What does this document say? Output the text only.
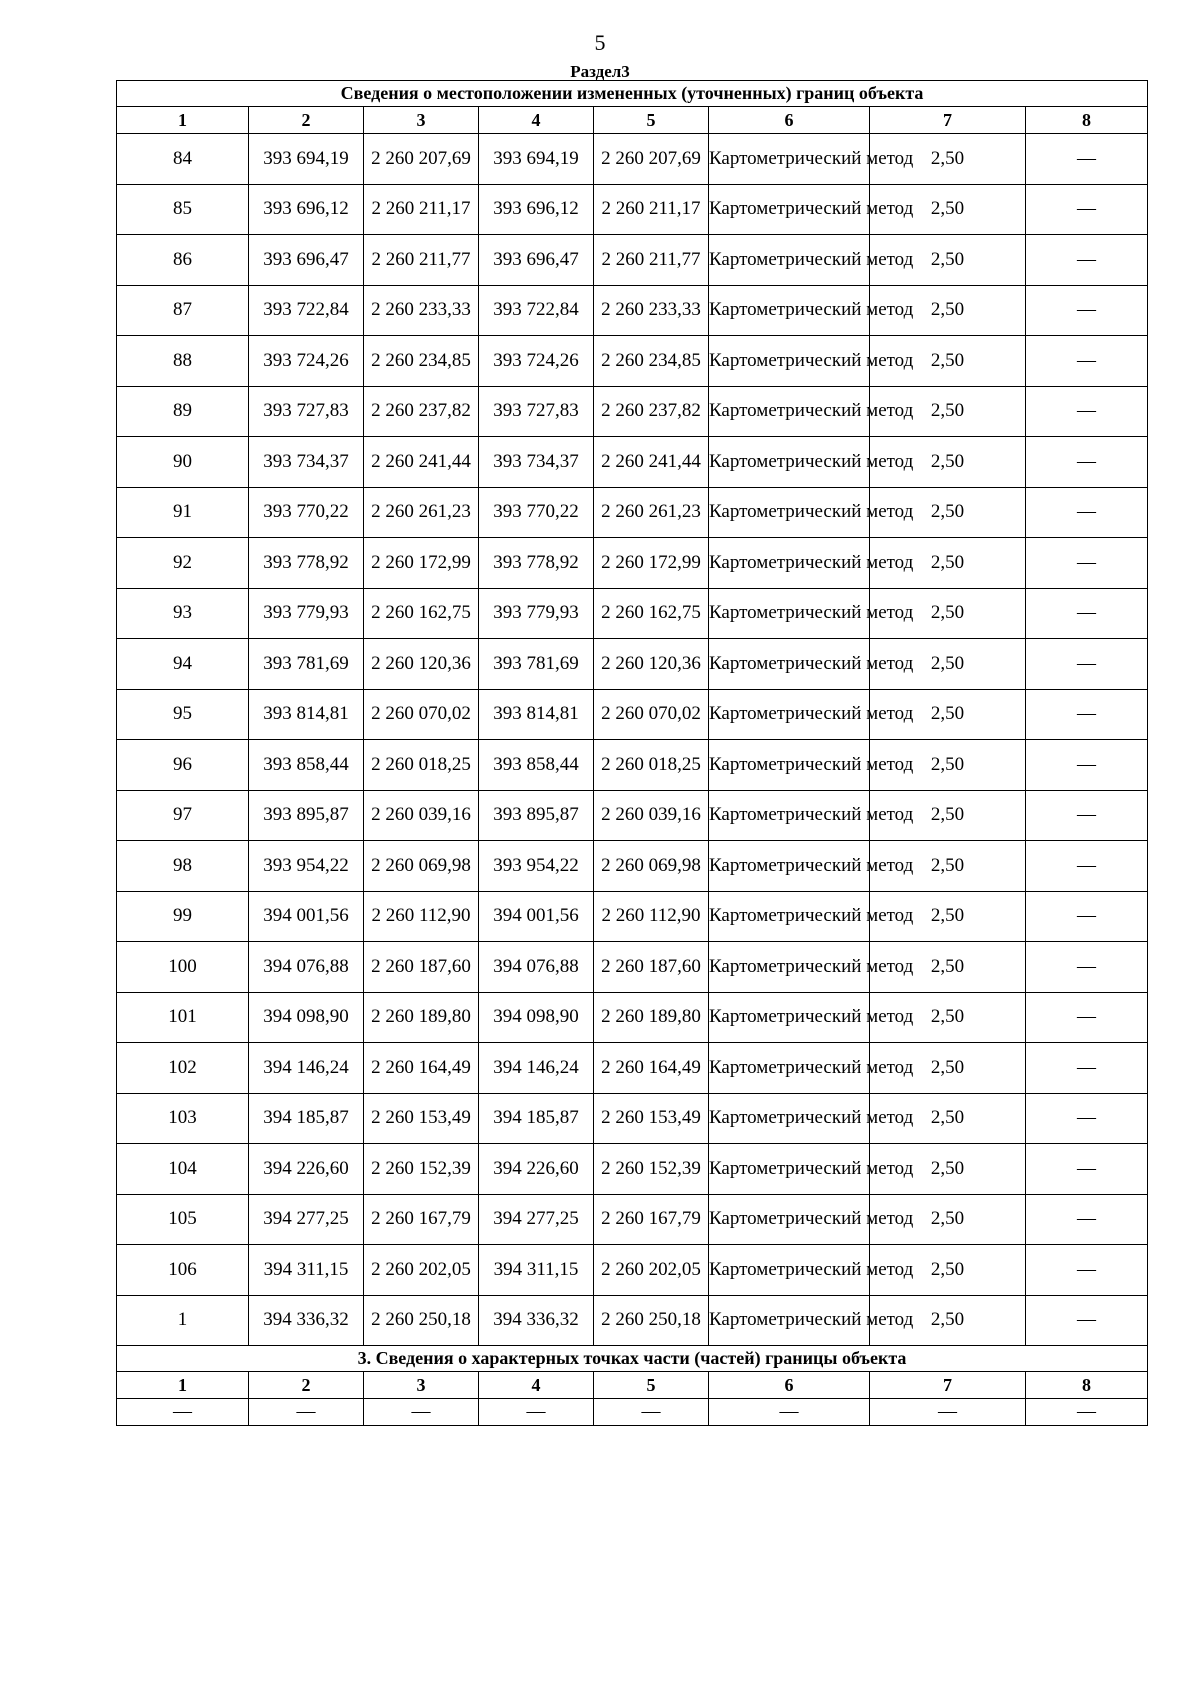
5
Раздел3
Сведения о местоположении измененных (уточненных) границ объекта							
1	2	3	4	5	6	7	8
84	393 694,19	2 260 207,69	393 694,19	2 260 207,69	Картометрический метод	2,50	—
85	393 696,12	2 260 211,17	393 696,12	2 260 211,17	Картометрический метод	2,50	—
86	393 696,47	2 260 211,77	393 696,47	2 260 211,77	Картометрический метод	2,50	—
87	393 722,84	2 260 233,33	393 722,84	2 260 233,33	Картометрический метод	2,50	—
88	393 724,26	2 260 234,85	393 724,26	2 260 234,85	Картометрический метод	2,50	—
89	393 727,83	2 260 237,82	393 727,83	2 260 237,82	Картометрический метод	2,50	—
90	393 734,37	2 260 241,44	393 734,37	2 260 241,44	Картометрический метод	2,50	—
91	393 770,22	2 260 261,23	393 770,22	2 260 261,23	Картометрический метод	2,50	—
92	393 778,92	2 260 172,99	393 778,92	2 260 172,99	Картометрический метод	2,50	—
93	393 779,93	2 260 162,75	393 779,93	2 260 162,75	Картометрический метод	2,50	—
94	393 781,69	2 260 120,36	393 781,69	2 260 120,36	Картометрический метод	2,50	—
95	393 814,81	2 260 070,02	393 814,81	2 260 070,02	Картометрический метод	2,50	—
96	393 858,44	2 260 018,25	393 858,44	2 260 018,25	Картометрический метод	2,50	—
97	393 895,87	2 260 039,16	393 895,87	2 260 039,16	Картометрический метод	2,50	—
98	393 954,22	2 260 069,98	393 954,22	2 260 069,98	Картометрический метод	2,50	—
99	394 001,56	2 260 112,90	394 001,56	2 260 112,90	Картометрический метод	2,50	—
100	394 076,88	2 260 187,60	394 076,88	2 260 187,60	Картометрический метод	2,50	—
101	394 098,90	2 260 189,80	394 098,90	2 260 189,80	Картометрический метод	2,50	—
102	394 146,24	2 260 164,49	394 146,24	2 260 164,49	Картометрический метод	2,50	—
103	394 185,87	2 260 153,49	394 185,87	2 260 153,49	Картометрический метод	2,50	—
104	394 226,60	2 260 152,39	394 226,60	2 260 152,39	Картометрический метод	2,50	—
105	394 277,25	2 260 167,79	394 277,25	2 260 167,79	Картометрический метод	2,50	—
106	394 311,15	2 260 202,05	394 311,15	2 260 202,05	Картометрический метод	2,50	—
1	394 336,32	2 260 250,18	394 336,32	2 260 250,18	Картометрический метод	2,50	—
3. Сведения о характерных точках части (частей) границы объекта							
1	2	3	4	5	6	7	8
—	—	—	—	—	—	—	—
